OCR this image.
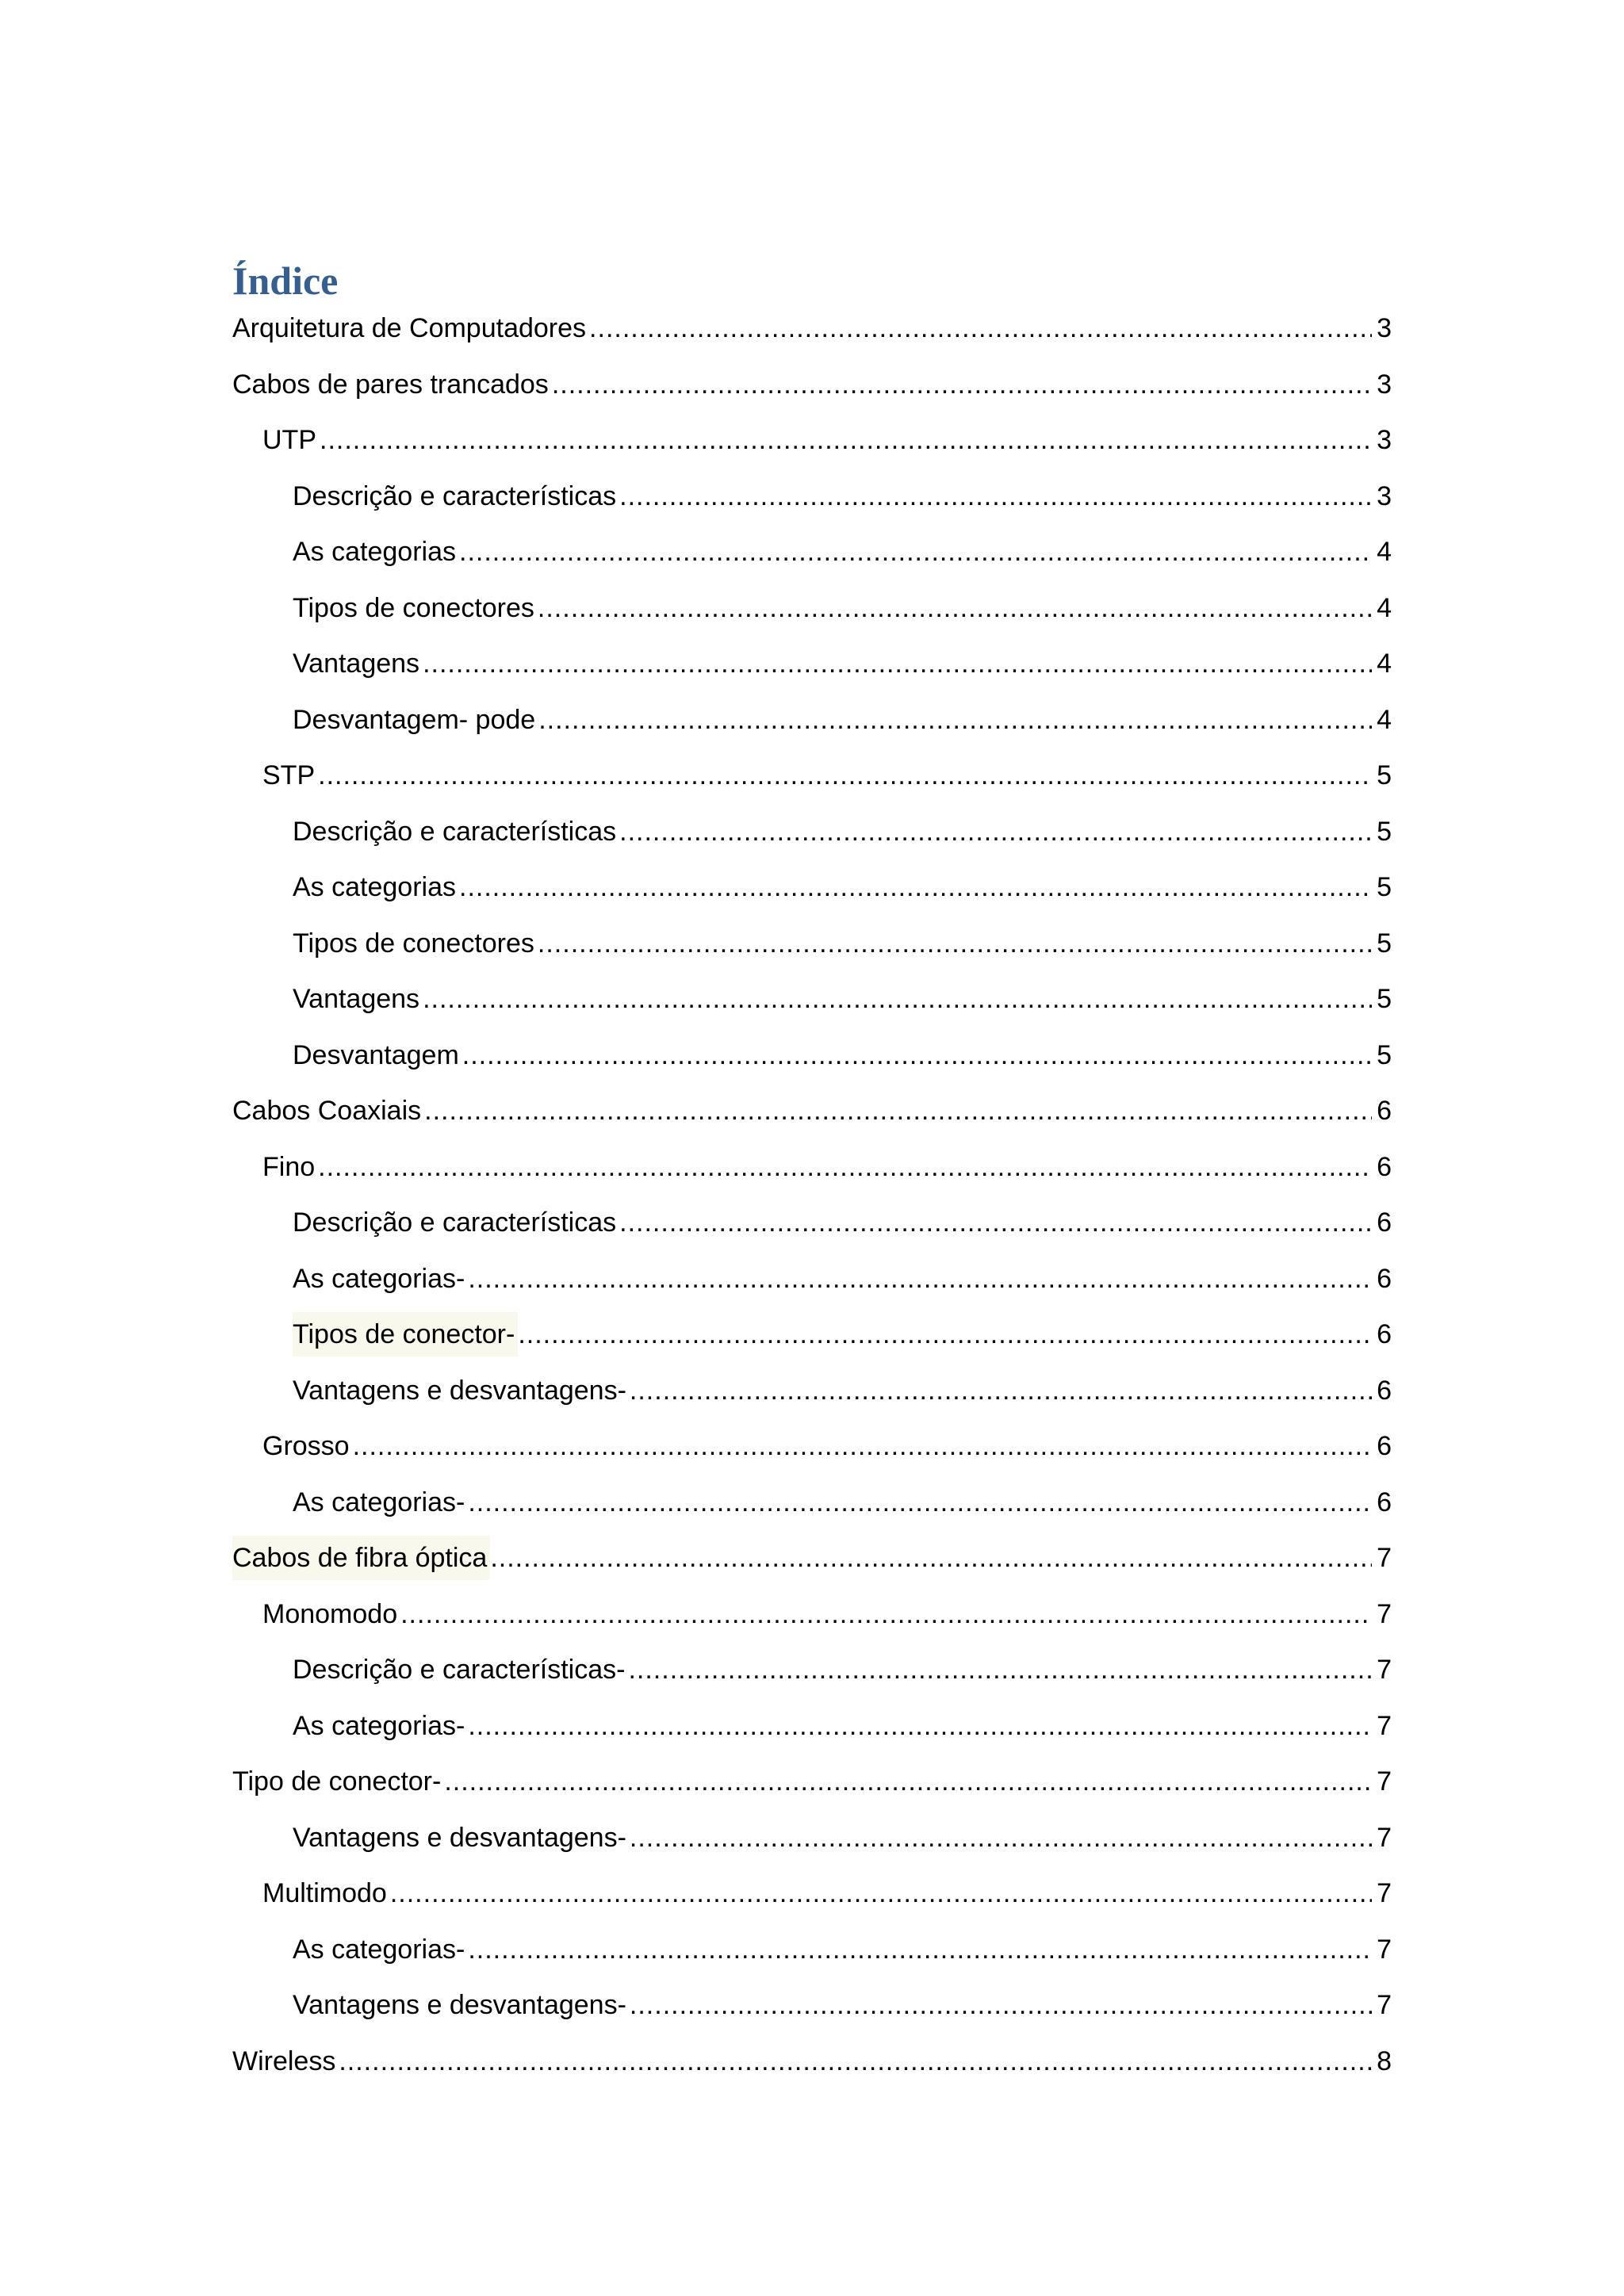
Índice
Arquitetura de Computadores .....	3
Cabos de pares trancados .....	3
UTP .....	3
Descrição e características .....	3
As categorias .....	4
Tipos de conectores .....	4
Vantagens .....	4
Desvantagem- pode .....	4
STP .....	5
Descrição e características .....	5
As categorias .....	5
Tipos de conectores .....	5
Vantagens .....	5
Desvantagem .....	5
Cabos Coaxiais .....	6
Fino .....	6
Descrição e características .....	6
As categorias- .....	6
Tipos de conector- .....	6
Vantagens e desvantagens- .....	6
Grosso .....	6
As categorias- .....	6
Cabos de fibra óptica .....	7
Monomodo .....	7
Descrição e características- .....	7
As categorias- .....	7
Tipo de conector- .....	7
Vantagens e desvantagens- .....	7
Multimodo .....	7
As categorias- .....	7
Vantagens e desvantagens- .....	7
Wireless .....	8
